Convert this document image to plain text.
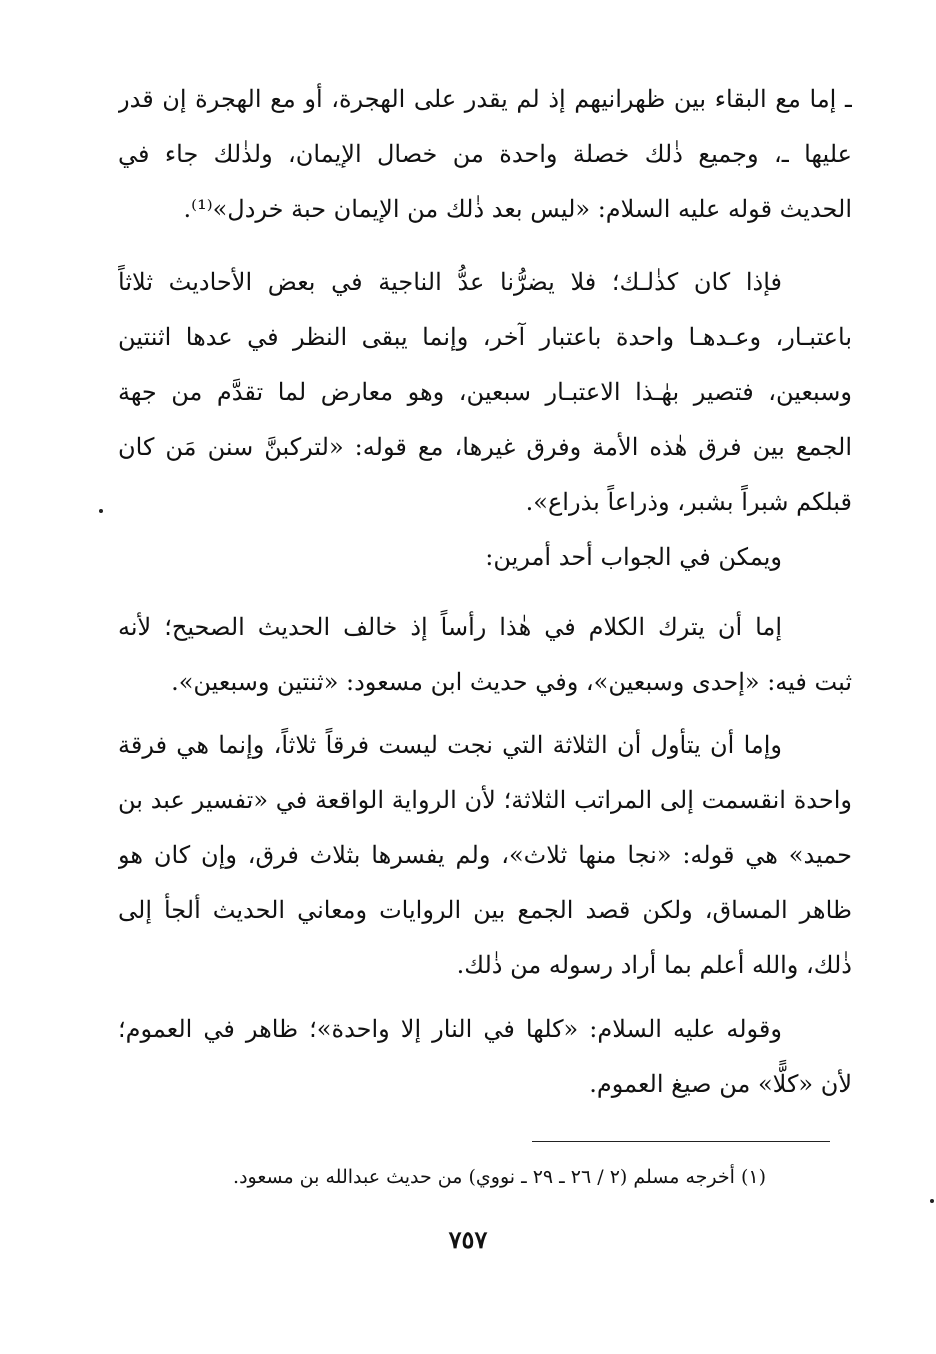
ـ إما مع البقاء بين ظهرانيهم إذ لم يقدر على الهجرة، أو مع الهجرة إن قدر
عليها ـ، وجميع ذٰلك خصلة واحدة من خصال الإيمان، ولذٰلك جاء في
الحديث قوله عليه السلام: «ليس بعد ذٰلك من الإيمان حبة خردل»⁽¹⁾.
فإذا كان كذٰلـك؛ فلا يضرُّنا عدُّ الناجية في بعض الأحاديث ثلاثاً
باعتبـار، وعـدهـا واحدة باعتبار آخر، وإنما يبقى النظر في عدها اثنتين
وسبعين، فتصير بهٰـذا الاعتبـار سبعين، وهو معارض لما تقدَّم من جهة
الجمع بين فرق هٰذه الأمة وفرق غيرها، مع قوله: «لتركبنَّ سنن مَن كان
قبلكم شبراً بشبر، وذراعاً بذراع».
ويمكن في الجواب أحد أمرين:
إما أن يترك الكلام في هٰذا رأساً إذ خالف الحديث الصحيح؛ لأنه
ثبت فيه: «إحدى وسبعين»، وفي حديث ابن مسعود: «ثنتين وسبعين».
وإما أن يتأول أن الثلاثة التي نجت ليست فرقاً ثلاثاً، وإنما هي فرقة
واحدة انقسمت إلى المراتب الثلاثة؛ لأن الرواية الواقعة في «تفسير عبد بن
حميد» هي قوله: «نجا منها ثلاث»، ولم يفسرها بثلاث فرق، وإن كان هو
ظاهر المساق، ولكن قصد الجمع بين الروايات ومعاني الحديث ألجأ إلى
ذٰلك، والله أعلم بما أراد رسوله من ذٰلك.
وقوله عليه السلام: «كلها في النار إلا واحدة»؛ ظاهر في العموم؛
لأن «كلًّا» من صيغ العموم.
(١) أخرجه مسلم (٢ / ٢٦ ـ ٢٩ ـ نووي) من حديث عبدالله بن مسعود.
٧٥٧
